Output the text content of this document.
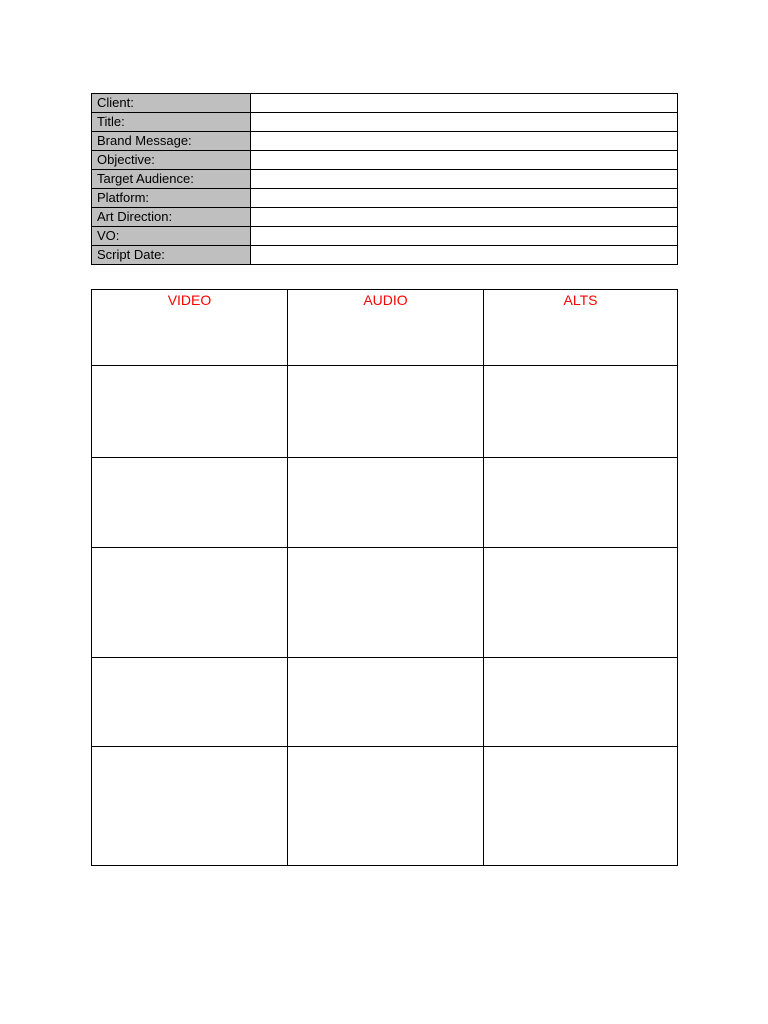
Client:	
Title:	
Brand Message:	
Objective:	
Target Audience:	
Platform:	
Art Direction:	
VO:	
Script Date:	
VIDEO	AUDIO	ALTS
